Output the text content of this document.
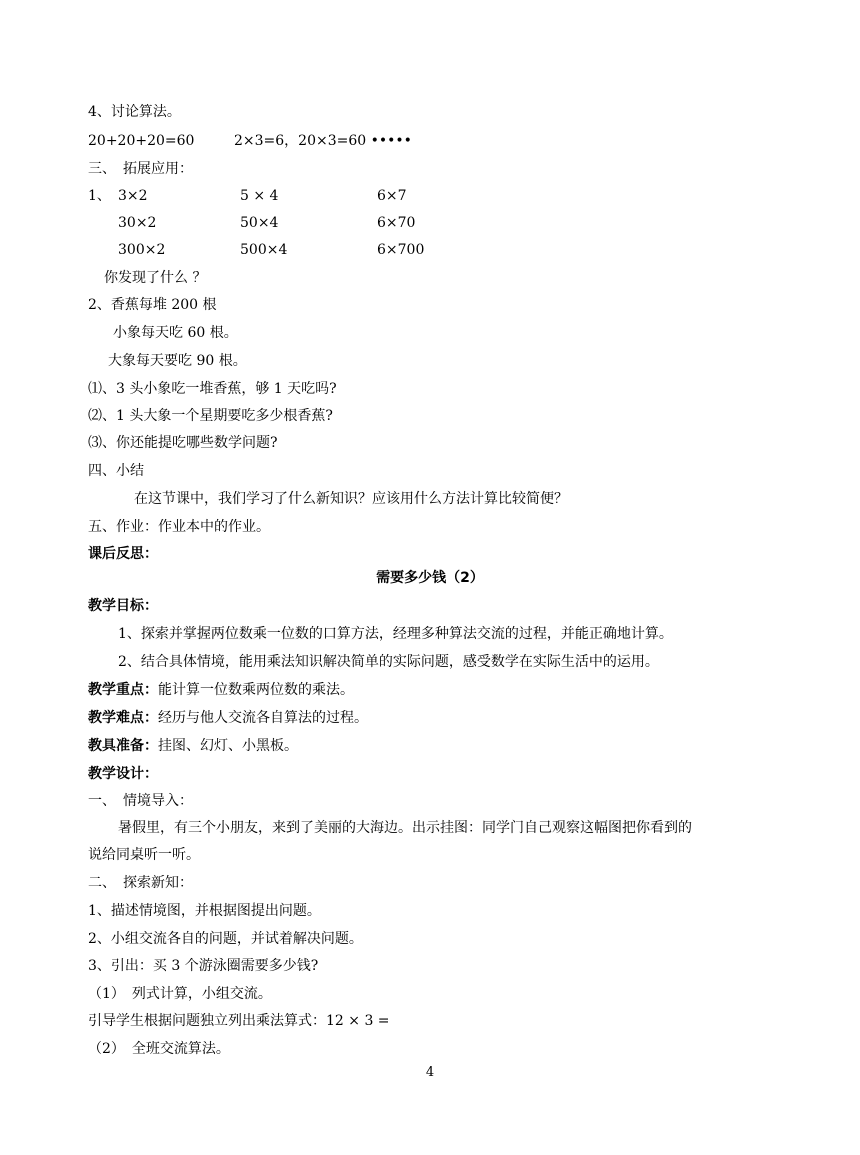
4、讨论算法。
20+20+20=60	2×3=6，20×3=60 •••••
三、　拓展应用：
1、 3×2	5 × 4	6×7
30×2	50×4	6×70
300×2	500×4	6×700
你发现了什么 ？
2、香蕉每堆 200 根
小象每天吃 60 根。
大象每天要吃 90 根。
⑴、3 头小象吃一堆香蕉，够 1 天吃吗?
⑵、1 头大象一个星期要吃多少根香蕉?
⑶、你还能提吃哪些数学问题?
四、小结
在这节课中，我们学习了什么新知识？应该用什么方法计算比较简便？
五、作业：作业本中的作业。
课后反思：
需要多少钱（2）
教学目标：
1、探索并掌握两位数乘一位数的口算方法，经理多种算法交流的过程，并能正确地计算。
2、结合具体情境，能用乘法知识解决简单的实际问题，感受数学在实际生活中的运用。
教学重点：能计算一位数乘两位数的乘法。
教学难点：经历与他人交流各自算法的过程。
教具准备：挂图、幻灯、小黑板。
教学设计：
一、　情境导入：
暑假里，有三个小朋友，来到了美丽的大海边。出示挂图：同学门自己观察这幅图把你看到的
说给同桌听一听。
二、　探索新知：
1、描述情境图，并根据图提出问题。
2、小组交流各自的问题，并试着解决问题。
3、引出：买 3 个游泳圈需要多少钱?
（1）　列式计算，小组交流。
引导学生根据问题独立列出乘法算式：12 × 3 =
（2）　全班交流算法。
4
